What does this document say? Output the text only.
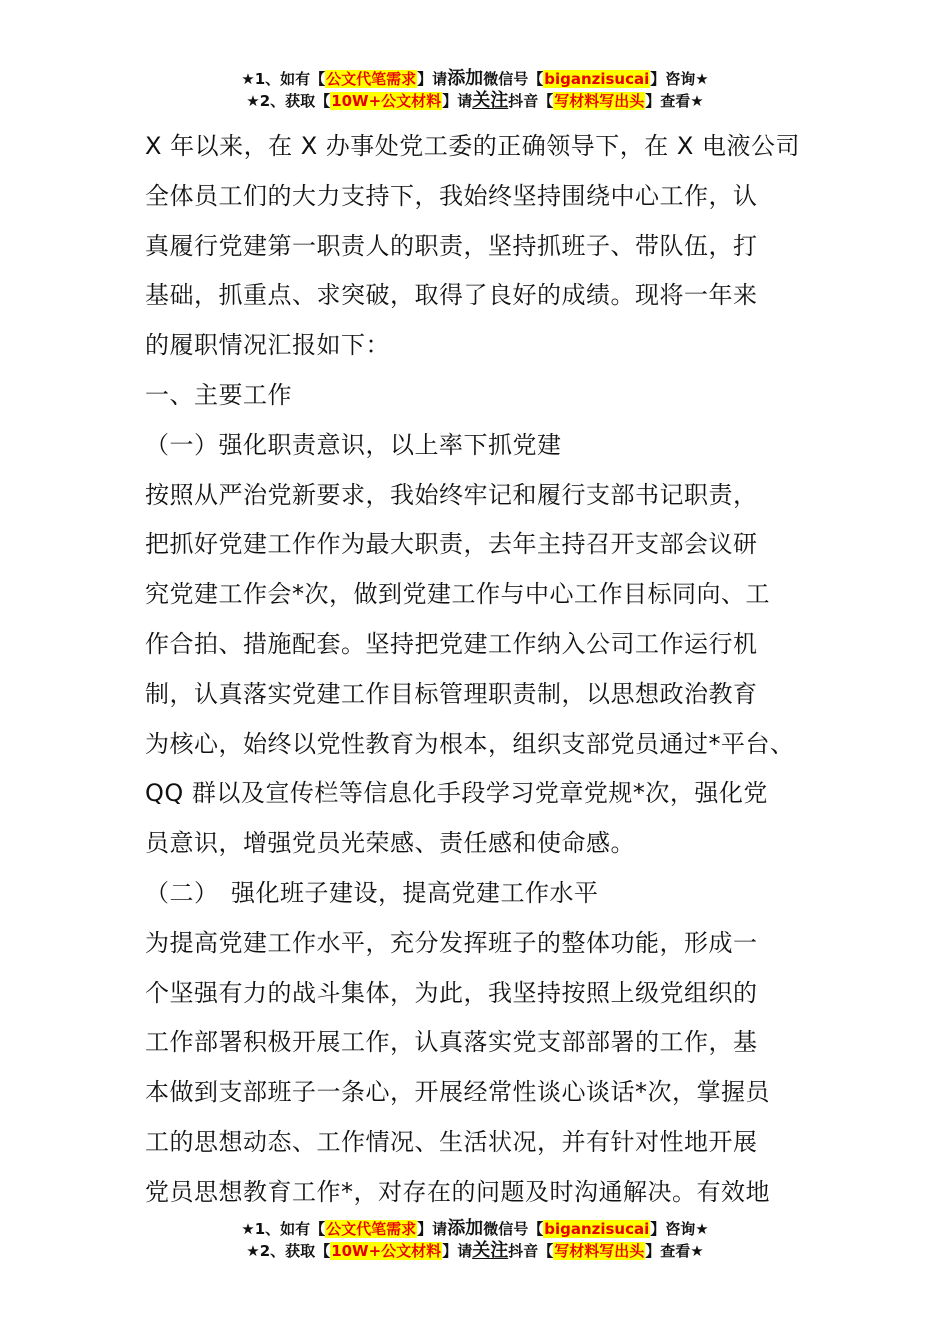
★1、如有【公文代笔需求】请添加微信号【biganzisucai】咨询★
★2、获取【10W+公文材料】请关注抖音【写材料写出头】查看★

X 年以来，在 X 办事处党工委的正确领导下，在 X 电液公司

全体员工们的大力支持下，我始终坚持围绕中心工作，认

真履行党建第一职责人的职责，坚持抓班子、带队伍，打

基础，抓重点、求突破，取得了良好的成绩。现将一年来

的履职情况汇报如下：

一、主要工作

（一）强化职责意识，以上率下抓党建

按照从严治党新要求，我始终牢记和履行支部书记职责，

把抓好党建工作作为最大职责，去年主持召开支部会议研

究党建工作会*次，做到党建工作与中心工作目标同向、工

作合拍、措施配套。坚持把党建工作纳入公司工作运行机

制，认真落实党建工作目标管理职责制，以思想政治教育

为核心，始终以党性教育为根本，组织支部党员通过*平台、

QQ 群以及宣传栏等信息化手段学习党章党规*次，强化党

员意识，增强党员光荣感、责任感和使命感。

（二）　强化班子建设，提高党建工作水平

为提高党建工作水平，充分发挥班子的整体功能，形成一

个坚强有力的战斗集体，为此，我坚持按照上级党组织的

工作部署积极开展工作，认真落实党支部部署的工作，基

本做到支部班子一条心，开展经常性谈心谈话*次，掌握员

工的思想动态、工作情况、生活状况，并有针对性地开展

党员思想教育工作*，对存在的问题及时沟通解决。有效地

★1、如有【公文代笔需求】请添加微信号【biganzisucai】咨询★
★2、获取【10W+公文材料】请关注抖音【写材料写出头】查看★
